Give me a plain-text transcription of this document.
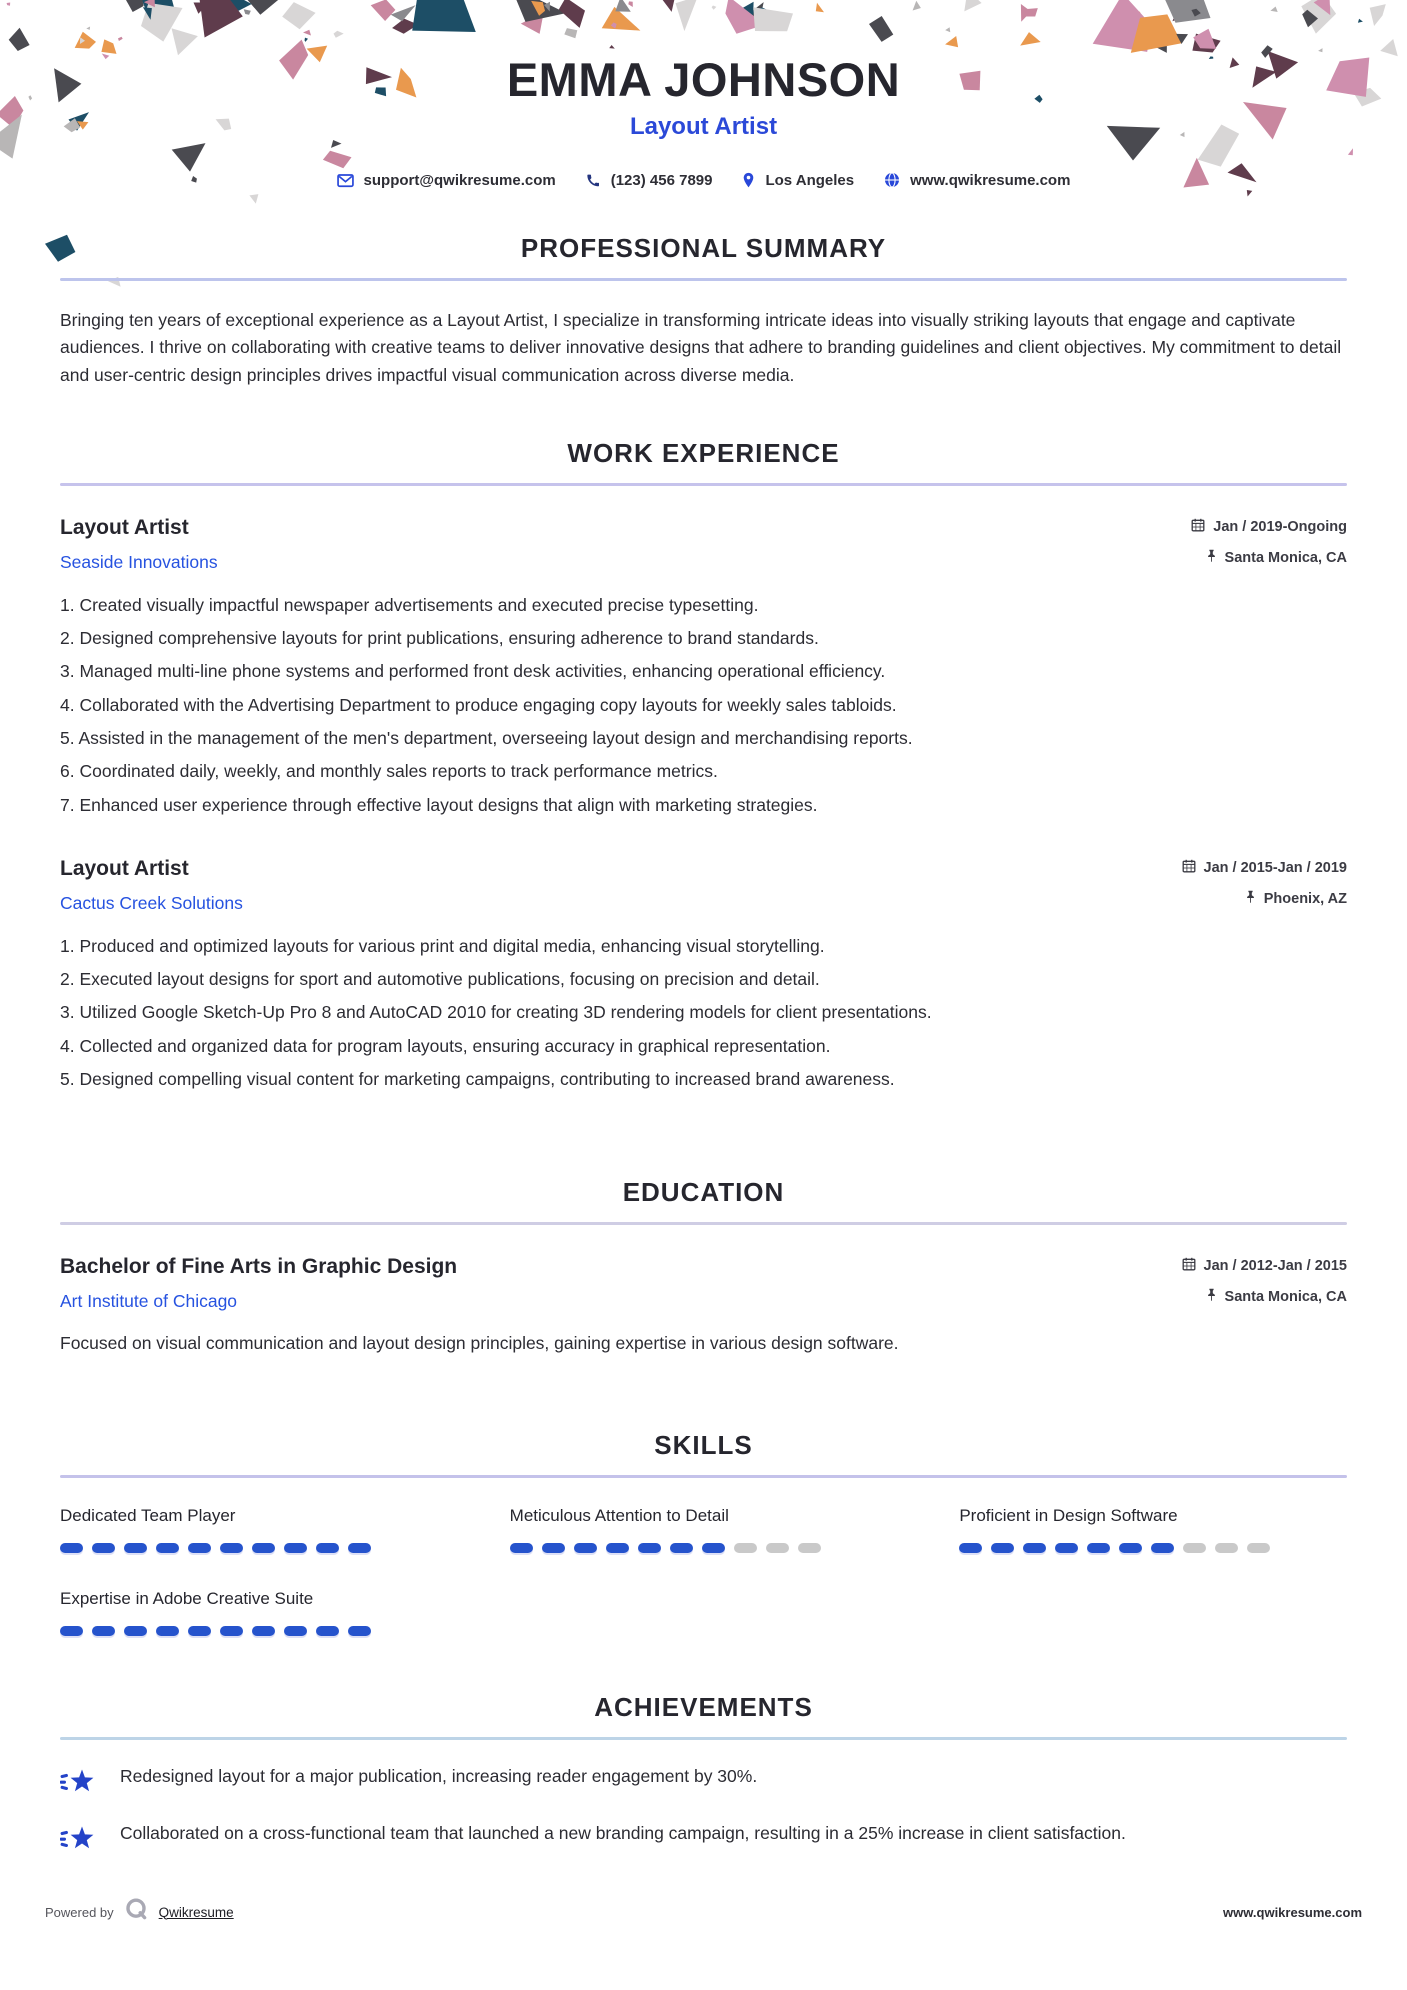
EMMA JOHNSON
Layout Artist
support@qwikresume.com	(123) 456 7899	Los Angeles	www.qwikresume.com
PROFESSIONAL SUMMARY
Bringing ten years of exceptional experience as a Layout Artist, I specialize in transforming intricate ideas into visually striking layouts that engage and captivate audiences. I thrive on collaborating with creative teams to deliver innovative designs that adhere to branding guidelines and client objectives. My commitment to detail and user-centric design principles drives impactful visual communication across diverse media.
WORK EXPERIENCE
Layout Artist
Seaside Innovations
Jan / 2019-Ongoing
Santa Monica, CA
Created visually impactful newspaper advertisements and executed precise typesetting.
Designed comprehensive layouts for print publications, ensuring adherence to brand standards.
Managed multi-line phone systems and performed front desk activities, enhancing operational efficiency.
Collaborated with the Advertising Department to produce engaging copy layouts for weekly sales tabloids.
Assisted in the management of the men's department, overseeing layout design and merchandising reports.
Coordinated daily, weekly, and monthly sales reports to track performance metrics.
Enhanced user experience through effective layout designs that align with marketing strategies.
Layout Artist
Cactus Creek Solutions
Jan / 2015-Jan / 2019
Phoenix, AZ
Produced and optimized layouts for various print and digital media, enhancing visual storytelling.
Executed layout designs for sport and automotive publications, focusing on precision and detail.
Utilized Google Sketch-Up Pro 8 and AutoCAD 2010 for creating 3D rendering models for client presentations.
Collected and organized data for program layouts, ensuring accuracy in graphical representation.
Designed compelling visual content for marketing campaigns, contributing to increased brand awareness.
EDUCATION
Bachelor of Fine Arts in Graphic Design
Art Institute of Chicago
Jan / 2012-Jan / 2015
Santa Monica, CA
Focused on visual communication and layout design principles, gaining expertise in various design software.
SKILLS
Dedicated Team Player	Meticulous Attention to Detail	Proficient in Design Software
Expertise in Adobe Creative Suite
ACHIEVEMENTS
Redesigned layout for a major publication, increasing reader engagement by 30%.
Collaborated on a cross-functional team that launched a new branding campaign, resulting in a 25% increase in client satisfaction.
Powered by	Qwikresume	www.qwikresume.com
